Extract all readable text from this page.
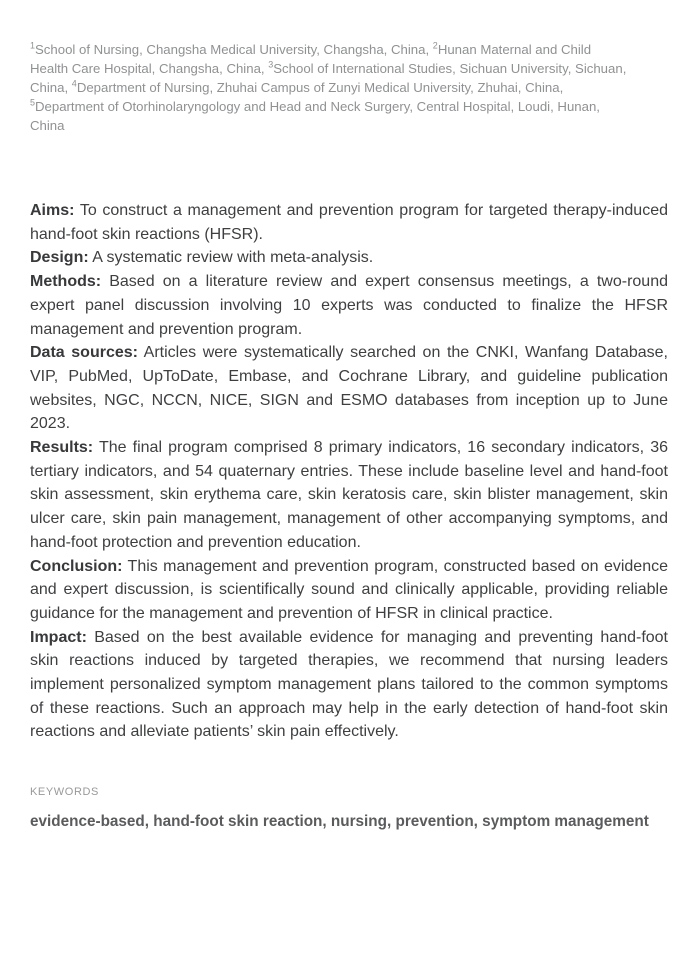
$^1$School of Nursing, Changsha Medical University, Changsha, China, $^2$Hunan Maternal and Child Health Care Hospital, Changsha, China, $^3$School of International Studies, Sichuan University, Sichuan, China, $^4$Department of Nursing, Zhuhai Campus of Zunyi Medical University, Zhuhai, China, $^5$Department of Otorhinolaryngology and Head and Neck Surgery, Central Hospital, Loudi, Hunan, China

Aims: To construct a management and prevention program for targeted therapy-induced hand-foot skin reactions (HFSR).

Design: A systematic review with meta-analysis.

Methods: Based on a literature review and expert consensus meetings, a two-round expert panel discussion involving 10 experts was conducted to finalize the HFSR management and prevention program.

Data sources: Articles were systematically searched on the CNKI, Wanfang Database, VIP, PubMed, UpToDate, Embase, and Cochrane Library, and guideline publication websites, NGC, NCCN, NICE, SIGN and ESMO databases from inception up to June 2023.

Results: The final program comprised 8 primary indicators, 16 secondary indicators, 36 tertiary indicators, and 54 quaternary entries. These include baseline level and hand-foot skin assessment, skin erythema care, skin keratosis care, skin blister management, skin ulcer care, skin pain management, management of other accompanying symptoms, and hand-foot protection and prevention education.

Conclusion: This management and prevention program, constructed based on evidence and expert discussion, is scientifically sound and clinically applicable, providing reliable guidance for the management and prevention of HFSR in clinical practice.

Impact: Based on the best available evidence for managing and preventing hand-foot skin reactions induced by targeted therapies, we recommend that nursing leaders implement personalized symptom management plans tailored to the common symptoms of these reactions. Such an approach may help in the early detection of hand-foot skin reactions and alleviate patients’ skin pain effectively.

KEYWORDS
evidence-based, hand-foot skin reaction, nursing, prevention, symptom management
